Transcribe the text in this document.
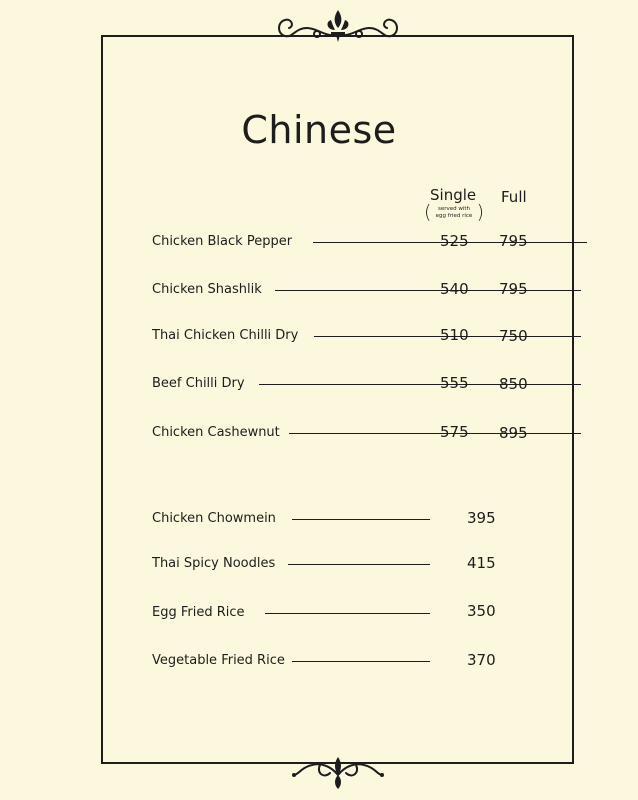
Chinese
Single Full
(	served with egg fried rice )
Chicken Black Pepper	525 795
Chicken Shashlik	540 795
Thai Chicken Chilli Dry	510 750
Beef Chilli Dry	555 850
Chicken Cashewnut	575 895
Chicken Chowmein	395
Thai Spicy Noodles	415
Egg Fried Rice	350
Vegetable Fried Rice	370
